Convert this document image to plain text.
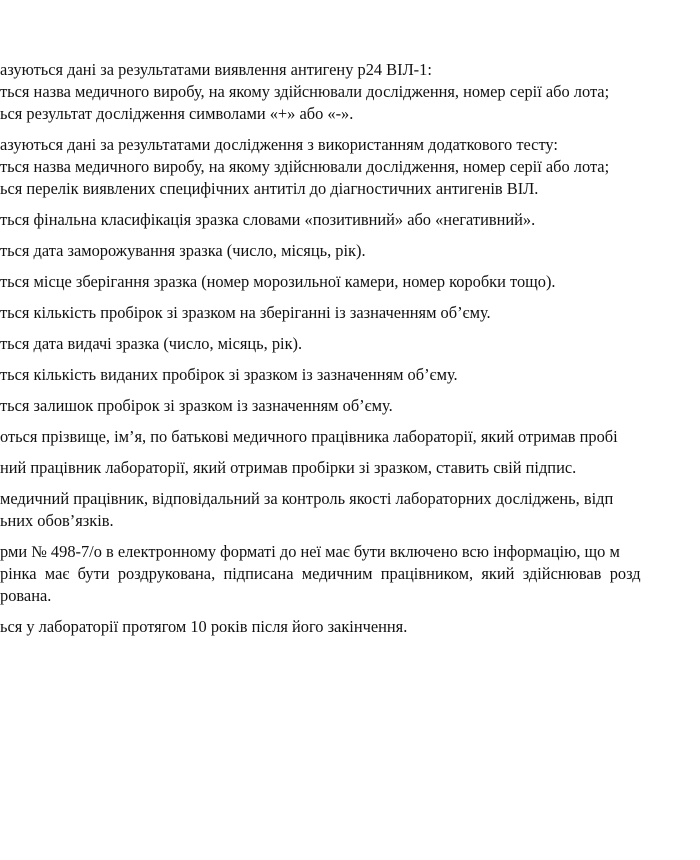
азуються дані за результатами виявлення антигену p24 ВІЛ-1:
ться назва медичного виробу, на якому здійснювали дослідження, номер серії або лота;
ься результат дослідження символами «+» або «-».
азуються дані за результатами дослідження з використанням додаткового тесту:
ться назва медичного виробу, на якому здійснювали дослідження, номер серії або лота;
ься перелік виявлених специфічних антитіл до діагностичних антигенів ВІЛ.
ться фінальна класифікація зразка словами «позитивний» або «негативний».
ться дата заморожування зразка (число, місяць, рік).
ться місце зберігання зразка (номер морозильної камери, номер коробки тощо).
ться кількість пробірок зі зразком на зберіганні із зазначенням об’єму.
ться дата видачі зразка (число, місяць, рік).
ться кількість виданих пробірок зі зразком із зазначенням об’єму.
ться залишок пробірок зі зразком із зазначенням об’єму.
оться прізвище, ім’я, по батькові медичного працівника лабораторії, який отримав пробі
ний працівник лабораторії, який отримав пробірки зі зразком, ставить свій підпис.
медичний працівник, відповідальний за контроль якості лабораторних досліджень, відп
ьних обов’язків.
рми № 498-7/о в електронному форматі до неї має бути включено всю інформацію, що м
рінка має бути роздрукована, підписана медичним працівником, який здійснював розд
рована.
ься у лабораторії протягом 10 років після його закінчення.
